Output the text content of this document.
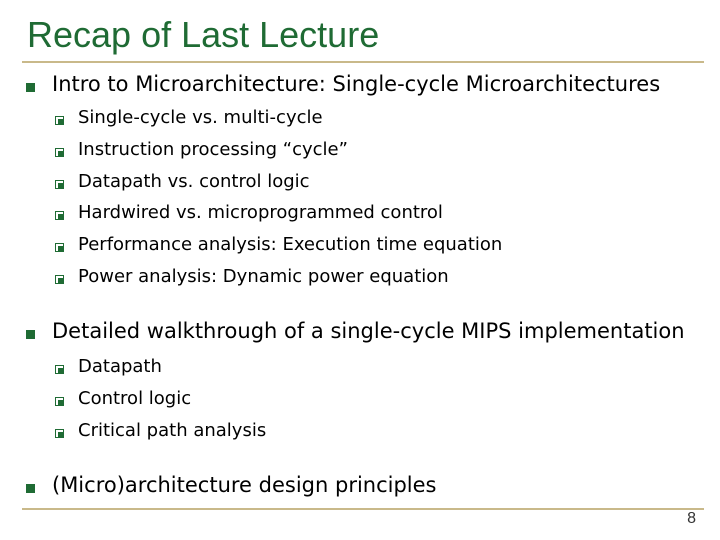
Recap of Last Lecture
Intro to Microarchitecture: Single-cycle Microarchitectures
Single-cycle vs. multi-cycle
Instruction processing “cycle”
Datapath vs. control logic
Hardwired vs. microprogrammed control
Performance analysis: Execution time equation
Power analysis: Dynamic power equation
Detailed walkthrough of a single-cycle MIPS implementation
Datapath
Control logic
Critical path analysis
(Micro)architecture design principles
8
